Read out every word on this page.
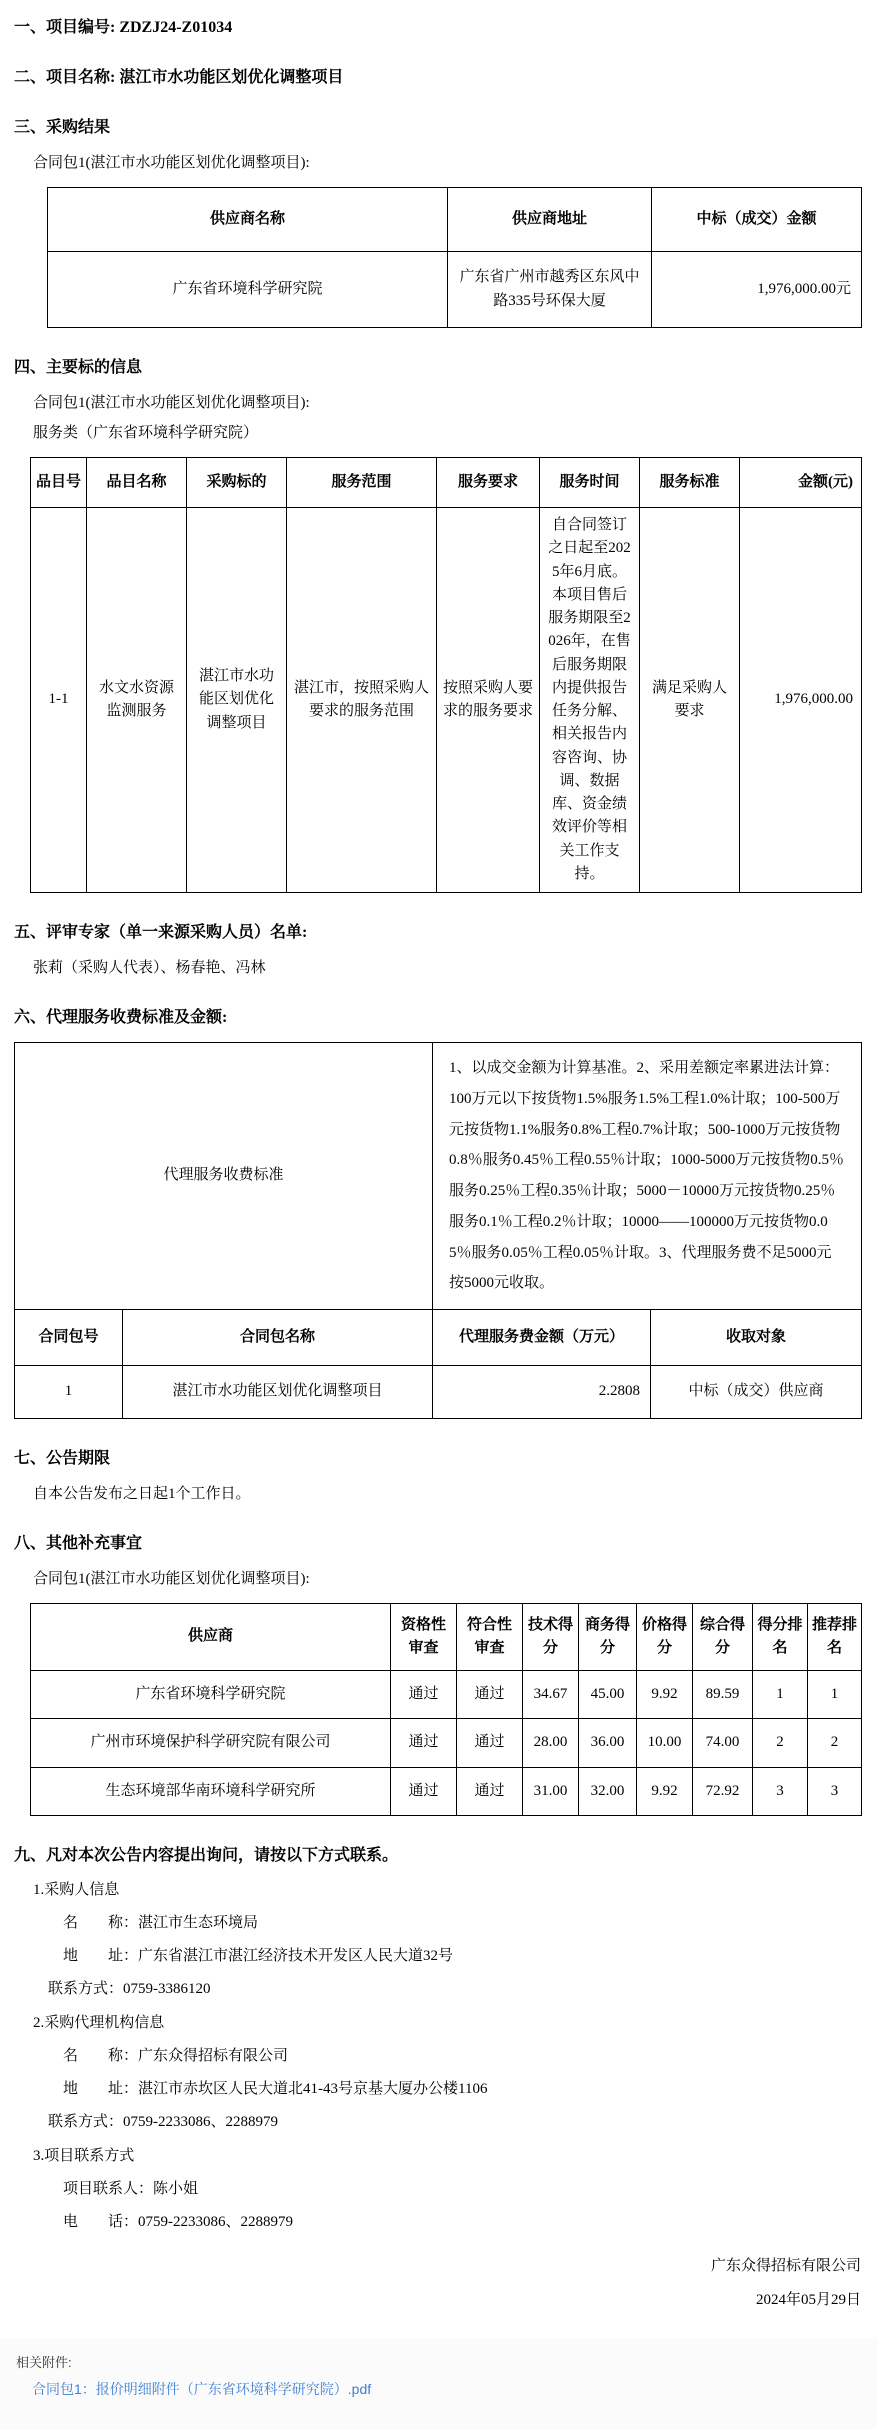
一、项目编号: ZDZJ24-Z01034
二、项目名称: 湛江市水功能区划优化调整项目
三、采购结果
合同包1(湛江市水功能区划优化调整项目):
供应商名称	供应商地址	中标（成交）金额
广东省环境科学研究院	广东省广州市越秀区东风中路335号环保大厦	1,976,000.00元
四、主要标的信息
合同包1(湛江市水功能区划优化调整项目):
服务类（广东省环境科学研究院）
品目号	品目名称	采购标的	服务范围	服务要求	服务时间	服务标准	金额(元)
1-1	水文水资源监测服务	湛江市水功能区划优化调整项目	湛江市，按照采购人要求的服务范围	按照采购人要求的服务要求	自合同签订之日起至2025年6月底。本项目售后服务期限至2026年，在售后服务期限内提供报告任务分解、相关报告内容咨询、协调、数据库、资金绩效评价等相关工作支持。	满足采购人要求	1,976,000.00
五、评审专家（单一来源采购人员）名单:
张莉（采购人代表）、杨春艳、冯林
六、代理服务收费标准及金额:
代理服务收费标准		1、以成交金额为计算基准。2、采用差额定率累进法计算：100万元以下按货物1.5%服务1.5%工程1.0%计取；100-500万元按货物1.1%服务0.8%工程0.7%计取；500-1000万元按货物0.8％服务0.45％工程0.55％计取；1000-5000万元按货物0.5％服务0.25％工程0.35％计取；5000－10000万元按货物0.25％服务0.1％工程0.2％计取；10000——100000万元按货物0.05％服务0.05％工程0.05％计取。3、代理服务费不足5000元按5000元收取。	
合同包号	合同包名称	代理服务费金额（万元）	收取对象
1	湛江市水功能区划优化调整项目	2.2808	中标（成交）供应商
七、公告期限
自本公告发布之日起1个工作日。
八、其他补充事宜
合同包1(湛江市水功能区划优化调整项目):
供应商	资格性审查	符合性审查	技术得分	商务得分	价格得分	综合得分	得分排名	推荐排名
广东省环境科学研究院	通过	通过	34.67	45.00	9.92	89.59	1	1
广州市环境保护科学研究院有限公司	通过	通过	28.00	36.00	10.00	74.00	2	2
生态环境部华南环境科学研究所	通过	通过	31.00	32.00	9.92	72.92	3	3
九、凡对本次公告内容提出询问，请按以下方式联系。
1.采购人信息
名　　称：湛江市生态环境局
地　　址：广东省湛江市湛江经济技术开发区人民大道32号
联系方式：0759-3386120
2.采购代理机构信息
名　　称：广东众得招标有限公司
地　　址：湛江市赤坎区人民大道北41-43号京基大厦办公楼1106
联系方式：0759-2233086、2288979
3.项目联系方式
项目联系人：陈小姐
电　　话：0759-2233086、2288979
广东众得招标有限公司
2024年05月29日
相关附件:
合同包1：报价明细附件（广东省环境科学研究院）.pdf
